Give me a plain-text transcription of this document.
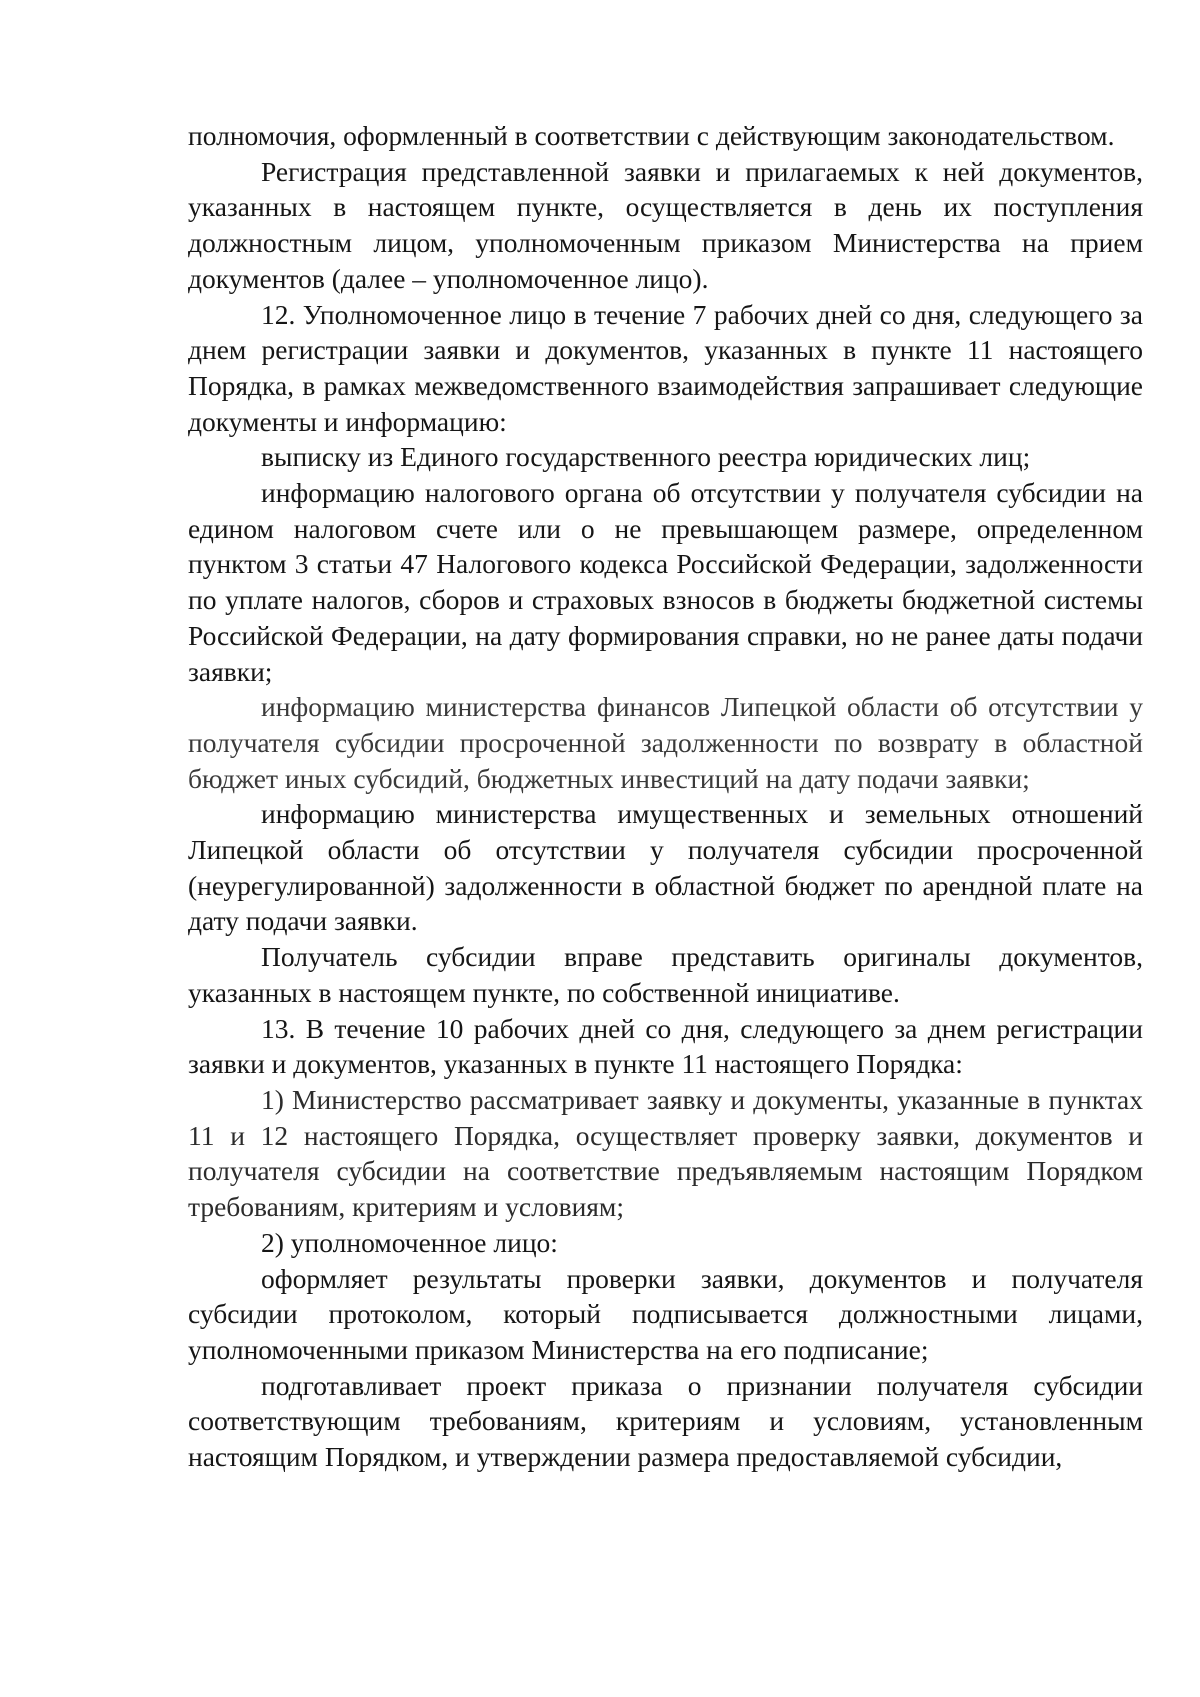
полномочия, оформленный в соответствии с действующим законодательством.

Регистрация представленной заявки и прилагаемых к ней документов, указанных в настоящем пункте, осуществляется в день их поступления должностным лицом, уполномоченным приказом Министерства на прием документов (далее – уполномоченное лицо).

12. Уполномоченное лицо в течение 7 рабочих дней со дня, следующего за днем регистрации заявки и документов, указанных в пункте 11 настоящего Порядка, в рамках межведомственного взаимодействия запрашивает следующие документы и информацию:

выписку из Единого государственного реестра юридических лиц;

информацию налогового органа об отсутствии у получателя субсидии на едином налоговом счете или о не превышающем размере, определенном пунктом 3 статьи 47 Налогового кодекса Российской Федерации, задолженности по уплате налогов, сборов и страховых взносов в бюджеты бюджетной системы Российской Федерации, на дату формирования справки, но не ранее даты подачи заявки;

информацию министерства финансов Липецкой области об отсутствии у получателя субсидии просроченной задолженности по возврату в областной бюджет иных субсидий, бюджетных инвестиций на дату подачи заявки;

информацию министерства имущественных и земельных отношений Липецкой области об отсутствии у получателя субсидии просроченной (неурегулированной) задолженности в областной бюджет по арендной плате на дату подачи заявки.

Получатель субсидии вправе представить оригиналы документов, указанных в настоящем пункте, по собственной инициативе.

13. В течение 10 рабочих дней со дня, следующего за днем регистрации заявки и документов, указанных в пункте 11 настоящего Порядка:

1) Министерство рассматривает заявку и документы, указанные в пунктах 11 и 12 настоящего Порядка, осуществляет проверку заявки, документов и получателя субсидии на соответствие предъявляемым настоящим Порядком требованиям, критериям и условиям;

2) уполномоченное лицо:

оформляет результаты проверки заявки, документов и получателя субсидии протоколом, который подписывается должностными лицами, уполномоченными приказом Министерства на его подписание;

подготавливает проект приказа о признании получателя субсидии соответствующим требованиям, критериям и условиям, установленным настоящим Порядком, и утверждении размера предоставляемой субсидии,
